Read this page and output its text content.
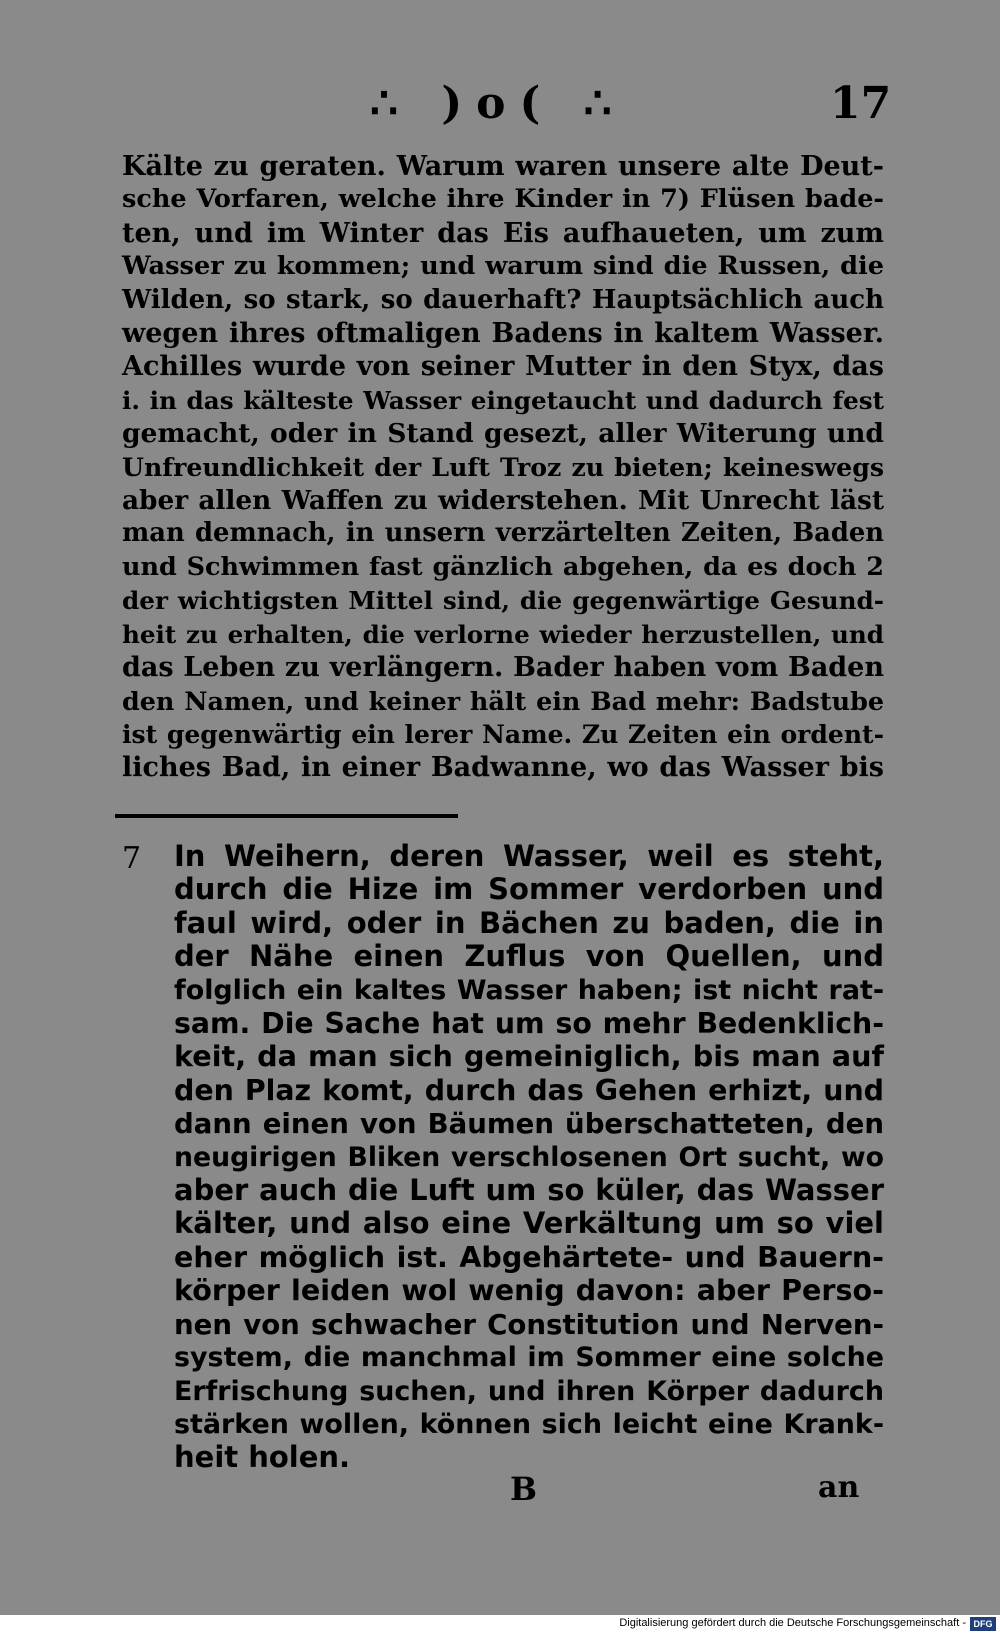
∴ )o( ∴	17
Kälte zu geraten. Warum waren unsere alte Deut-
sche Vorfaren, welche ihre Kinder in 7) Flüsen bade-
ten, und im Winter das Eis aufhaueten, um zum
Wasser zu kommen; und warum sind die Russen, die
Wilden, so stark, so dauerhaft? Hauptsächlich auch
wegen ihres oftmaligen Badens in kaltem Wasser.
Achilles wurde von seiner Mutter in den Styx, das
i. in das kälteste Wasser eingetaucht und dadurch fest
gemacht, oder in Stand gesezt, aller Witerung und
Unfreundlichkeit der Luft Troz zu bieten; keineswegs
aber allen Waffen zu widerstehen. Mit Unrecht läst
man demnach, in unsern verzärtelten Zeiten, Baden
und Schwimmen fast gänzlich abgehen, da es doch 2
der wichtigsten Mittel sind, die gegenwärtige Gesund-
heit zu erhalten, die verlorne wieder herzustellen, und
das Leben zu verlängern. Bader haben vom Baden
den Namen, und keiner hält ein Bad mehr: Badstube
ist gegenwärtig ein lerer Name. Zu Zeiten ein ordent-
liches Bad, in einer Badwanne, wo das Wasser bis
7 In Weihern, deren Wasser, weil es steht,
durch die Hize im Sommer verdorben und
faul wird, oder in Bächen zu baden, die in
der Nähe einen Zuflus von Quellen, und
folglich ein kaltes Wasser haben; ist nicht rat-
sam. Die Sache hat um so mehr Bedenklich-
keit, da man sich gemeiniglich, bis man auf
den Plaz komt, durch das Gehen erhizt, und
dann einen von Bäumen überschatteten, den
neugirigen Bliken verschlosenen Ort sucht, wo
aber auch die Luft um so küler, das Wasser
kälter, und also eine Verkältung um so viel
eher möglich ist. Abgehärtete- und Bauern-
körper leiden wol wenig davon: aber Perso-
nen von schwacher Constitution und Nerven-
system, die manchmal im Sommer eine solche
Erfrischung suchen, und ihren Körper dadurch
stärken wollen, können sich leicht eine Krank-
heit holen.
B	an
Digitalisierung gefördert durch die Deutsche Forschungsgemeinschaft - DFG
